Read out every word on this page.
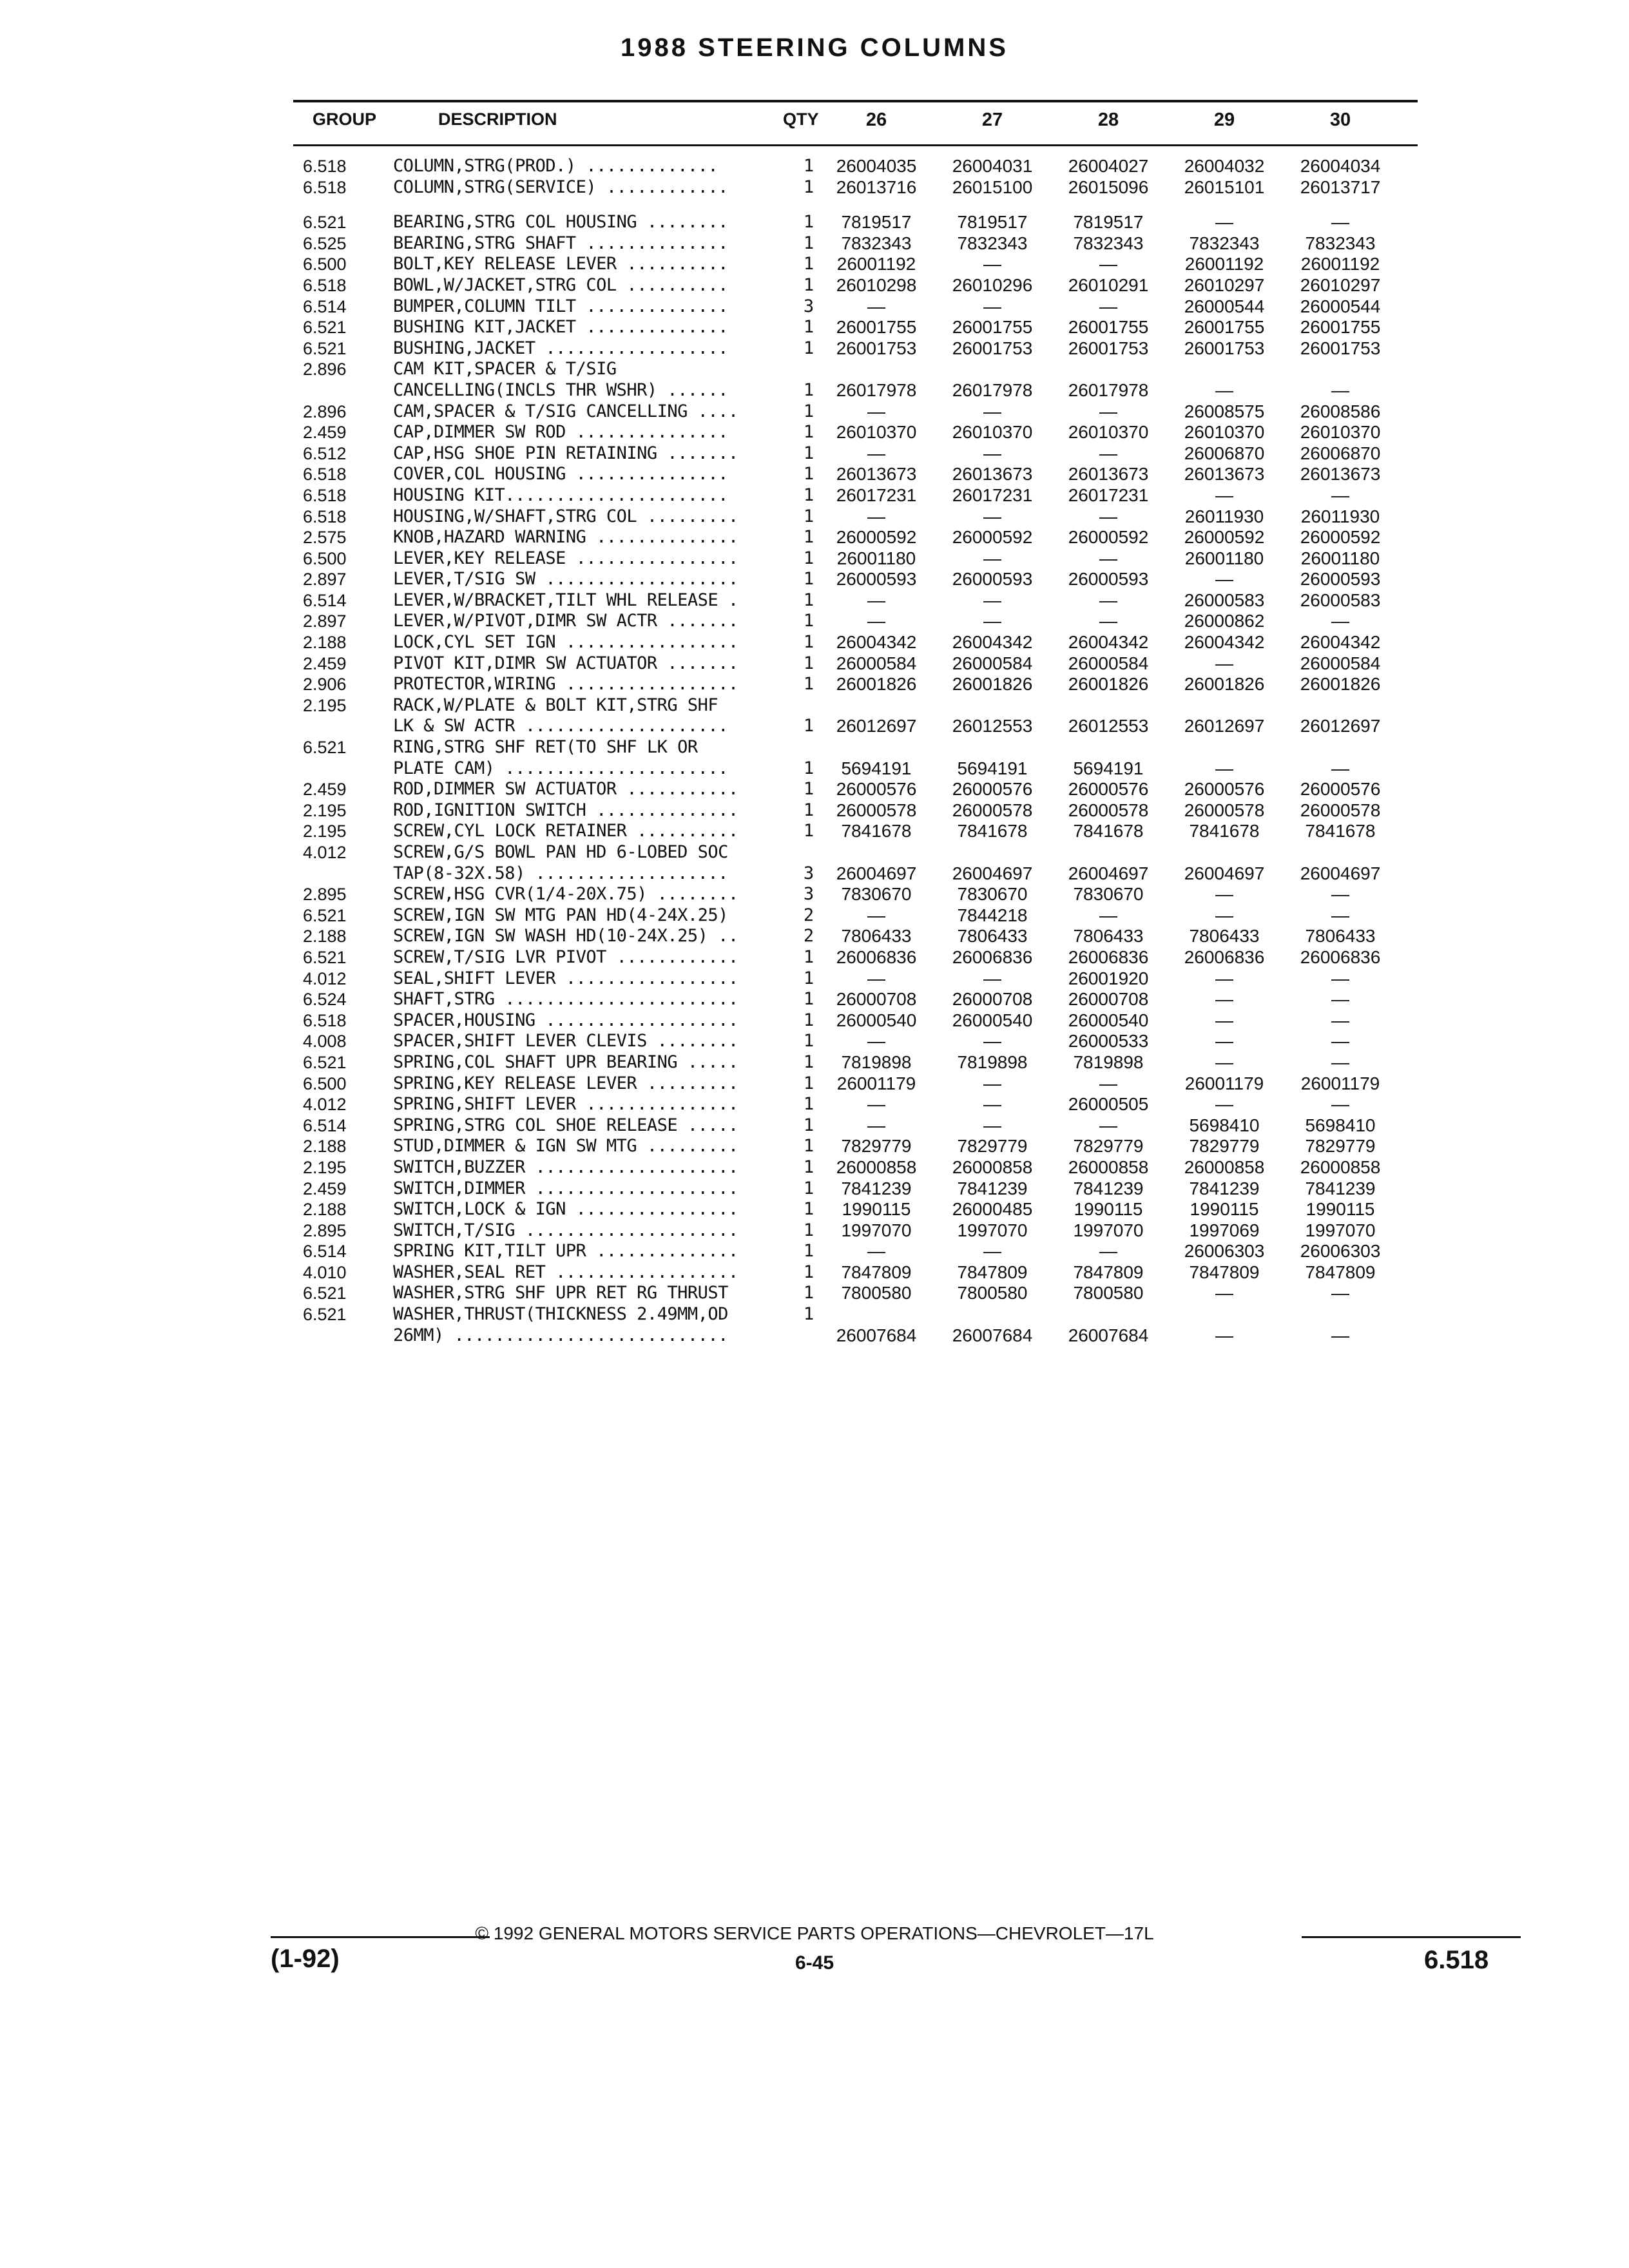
1988 STEERING COLUMNS
GROUP	DESCRIPTION	QTY	26	27	28	29	30
6.518	COLUMN,STRG(PROD.) .............	1	26004035	26004031	26004027	26004032	26004034
6.518	COLUMN,STRG(SERVICE) ............	1	26013716	26015100	26015096	26015101	26013717
6.521	BEARING,STRG COL HOUSING ........	1	7819517	7819517	7819517	—	—
6.525	BEARING,STRG SHAFT ..............	1	7832343	7832343	7832343	7832343	7832343
6.500	BOLT,KEY RELEASE LEVER ..........	1	26001192	—	—	26001192	26001192
6.518	BOWL,W/JACKET,STRG COL ..........	1	26010298	26010296	26010291	26010297	26010297
6.514	BUMPER,COLUMN TILT ..............	3	—	—	—	26000544	26000544
6.521	BUSHING KIT,JACKET ..............	1	26001755	26001755	26001755	26001755	26001755
6.521	BUSHING,JACKET ..................	1	26001753	26001753	26001753	26001753	26001753
2.896	CAM KIT,SPACER & T/SIG
CANCELLING(INCLS THR WSHR) ......	1	26017978	26017978	26017978	—	—
2.896	CAM,SPACER & T/SIG CANCELLING ....	1	—	—	—	26008575	26008586
2.459	CAP,DIMMER SW ROD ...............	1	26010370	26010370	26010370	26010370	26010370
6.512	CAP,HSG SHOE PIN RETAINING .......	1	—	—	—	26006870	26006870
6.518	COVER,COL HOUSING ...............	1	26013673	26013673	26013673	26013673	26013673
6.518	HOUSING KIT......................	1	26017231	26017231	26017231	—	—
6.518	HOUSING,W/SHAFT,STRG COL .........	1	—	—	—	26011930	26011930
2.575	KNOB,HAZARD WARNING ..............	1	26000592	26000592	26000592	26000592	26000592
6.500	LEVER,KEY RELEASE ................	1	26001180	—	—	26001180	26001180
2.897	LEVER,T/SIG SW ...................	1	26000593	26000593	26000593	—	26000593
6.514	LEVER,W/BRACKET,TILT WHL RELEASE .	1	—	—	—	26000583	26000583
2.897	LEVER,W/PIVOT,DIMR SW ACTR .......	1	—	—	—	26000862	—
2.188	LOCK,CYL SET IGN .................	1	26004342	26004342	26004342	26004342	26004342
2.459	PIVOT KIT,DIMR SW ACTUATOR .......	1	26000584	26000584	26000584	—	26000584
2.906	PROTECTOR,WIRING .................	1	26001826	26001826	26001826	26001826	26001826
2.195	RACK,W/PLATE & BOLT KIT,STRG SHF
LK & SW ACTR ....................	1	26012697	26012553	26012553	26012697	26012697
6.521	RING,STRG SHF RET(TO SHF LK OR
PLATE CAM) ......................	1	5694191	5694191	5694191	—	—
2.459	ROD,DIMMER SW ACTUATOR ...........	1	26000576	26000576	26000576	26000576	26000576
2.195	ROD,IGNITION SWITCH ..............	1	26000578	26000578	26000578	26000578	26000578
2.195	SCREW,CYL LOCK RETAINER ..........	1	7841678	7841678	7841678	7841678	7841678
4.012	SCREW,G/S BOWL PAN HD 6-LOBED SOC
TAP(8-32X.58) ...................	3	26004697	26004697	26004697	26004697	26004697
2.895	SCREW,HSG CVR(1/4-20X.75) ........	3	7830670	7830670	7830670	—	—
6.521	SCREW,IGN SW MTG PAN HD(4-24X.25)	2	—	7844218	—	—	—
2.188	SCREW,IGN SW WASH HD(10-24X.25) ..	2	7806433	7806433	7806433	7806433	7806433
6.521	SCREW,T/SIG LVR PIVOT ............	1	26006836	26006836	26006836	26006836	26006836
4.012	SEAL,SHIFT LEVER .................	1	—	—	26001920	—	—
6.524	SHAFT,STRG .......................	1	26000708	26000708	26000708	—	—
6.518	SPACER,HOUSING ...................	1	26000540	26000540	26000540	—	—
4.008	SPACER,SHIFT LEVER CLEVIS ........	1	—	—	26000533	—	—
6.521	SPRING,COL SHAFT UPR BEARING .....	1	7819898	7819898	7819898	—	—
6.500	SPRING,KEY RELEASE LEVER .........	1	26001179	—	—	26001179	26001179
4.012	SPRING,SHIFT LEVER ...............	1	—	—	26000505	—	—
6.514	SPRING,STRG COL SHOE RELEASE .....	1	—	—	—	5698410	5698410
2.188	STUD,DIMMER & IGN SW MTG .........	1	7829779	7829779	7829779	7829779	7829779
2.195	SWITCH,BUZZER ....................	1	26000858	26000858	26000858	26000858	26000858
2.459	SWITCH,DIMMER ....................	1	7841239	7841239	7841239	7841239	7841239
2.188	SWITCH,LOCK & IGN ................	1	1990115	26000485	1990115	1990115	1990115
2.895	SWITCH,T/SIG .....................	1	1997070	1997070	1997070	1997069	1997070
6.514	SPRING KIT,TILT UPR ..............	1	—	—	—	26006303	26006303
4.010	WASHER,SEAL RET ..................	1	7847809	7847809	7847809	7847809	7847809
6.521	WASHER,STRG SHF UPR RET RG THRUST	1	7800580	7800580	7800580	—	—
6.521	WASHER,THRUST(THICKNESS 2.49MM,OD	1
26MM) ...........................	26007684	26007684	26007684	—	—
© 1992 GENERAL MOTORS SERVICE PARTS OPERATIONS—CHEVROLET—17L
6-45
(1-92)	6.518
